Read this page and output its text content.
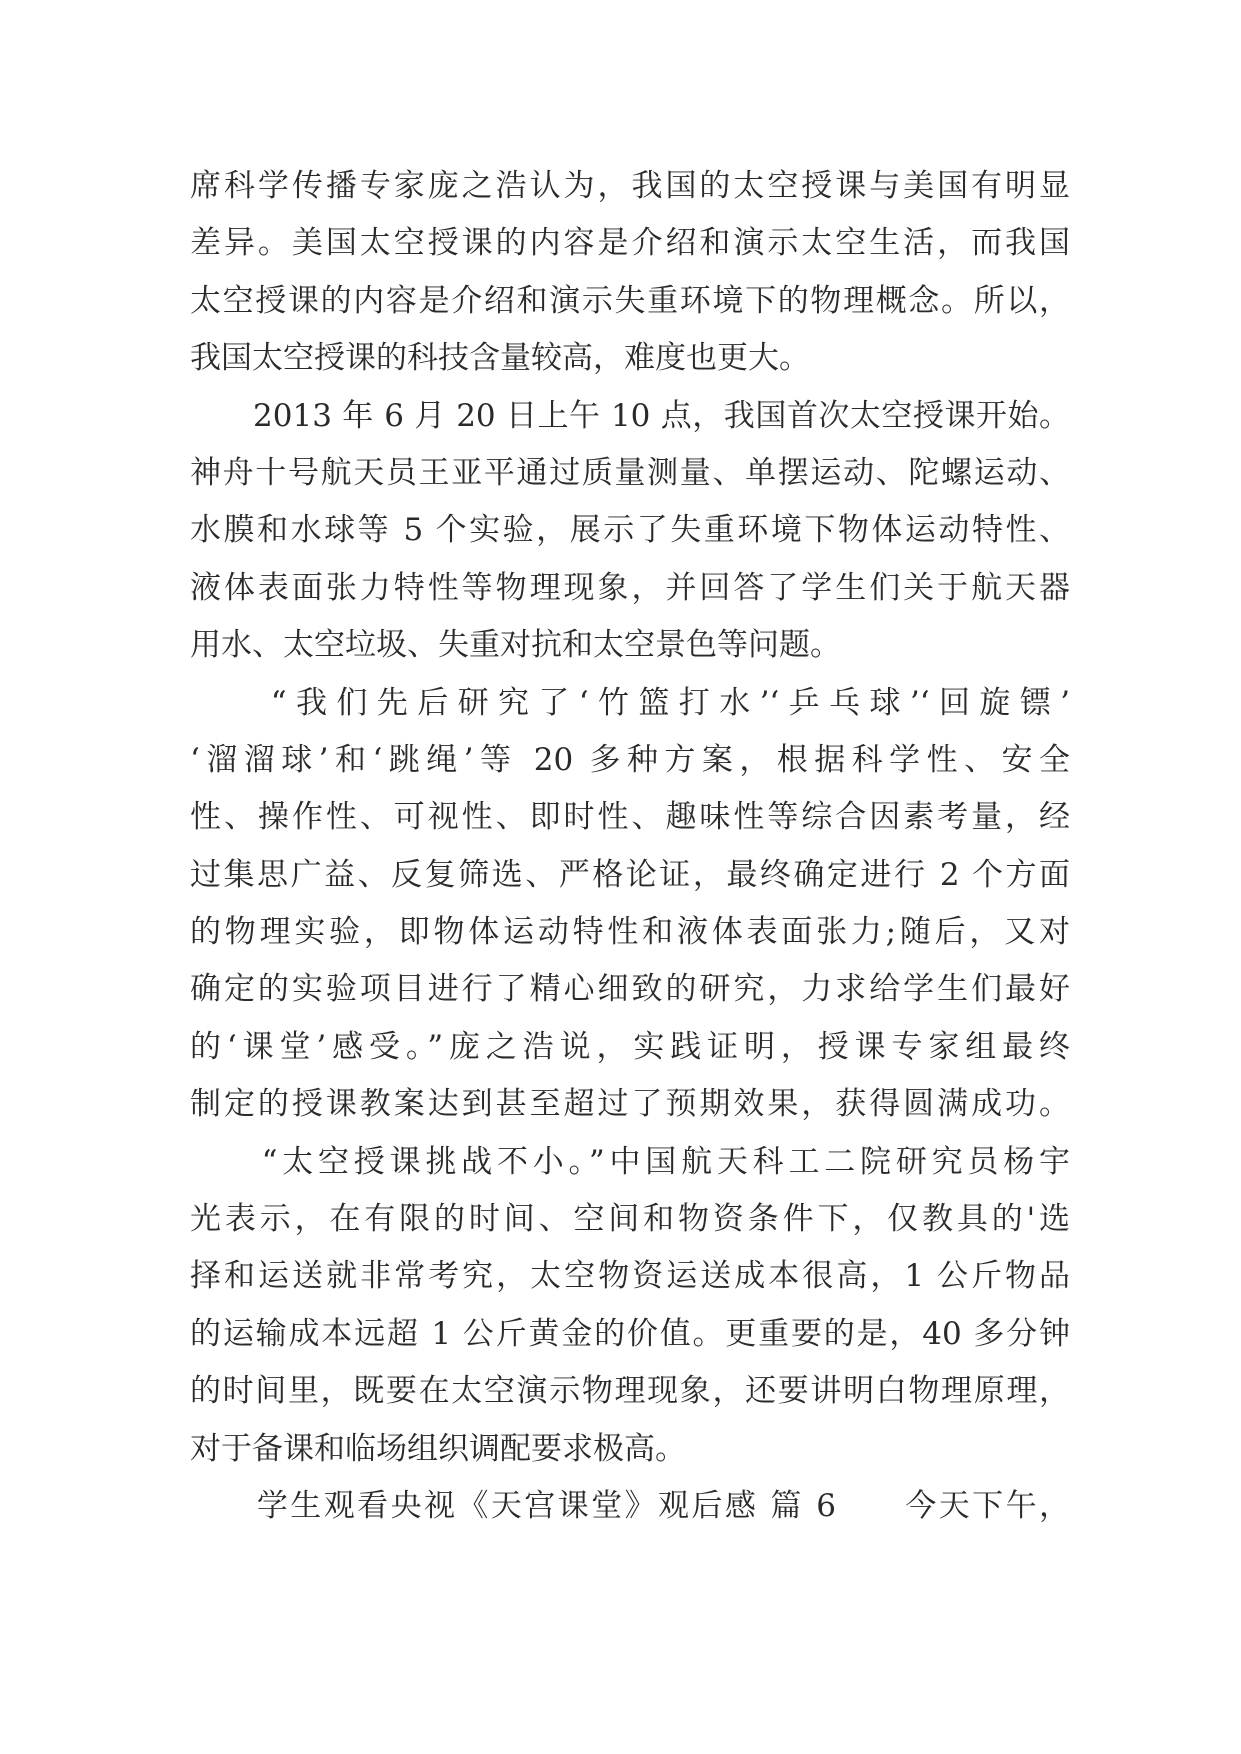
席科学传播专家庞之浩认为，我国的太空授课与美国有明显
差异。美国太空授课的内容是介绍和演示太空生活，而我国
太空授课的内容是介绍和演示失重环境下的物理概念。所以，
我国太空授课的科技含量较高，难度也更大。
　　2013 年 6 月 20 日上午 10 点，我国首次太空授课开始。
神舟十号航天员王亚平通过质量测量、单摆运动、陀螺运动、
水膜和水球等 5 个实验，展示了失重环境下物体运动特性、
液体表面张力特性等物理现象，并回答了学生们关于航天器
用水、太空垃圾、失重对抗和太空景色等问题。
　　“我们先后研究了‘竹篮打水’‘乒乓球’‘回旋镖’
‘溜溜球’和‘跳绳’等 20 多种方案，根据科学性、安全
性、操作性、可视性、即时性、趣味性等综合因素考量，经
过集思广益、反复筛选、严格论证，最终确定进行 2 个方面
的物理实验，即物体运动特性和液体表面张力;随后，又对
确定的实验项目进行了精心细致的研究，力求给学生们最好
的‘课堂’感受。”庞之浩说，实践证明，授课专家组最终
制定的授课教案达到甚至超过了预期效果，获得圆满成功。
　　“太空授课挑战不小。”中国航天科工二院研究员杨宇
光表示，在有限的时间、空间和物资条件下，仅教具的'选
择和运送就非常考究，太空物资运送成本很高，1 公斤物品
的运输成本远超 1 公斤黄金的价值。更重要的是，40 多分钟
的时间里，既要在太空演示物理现象，还要讲明白物理原理，
对于备课和临场组织调配要求极高。
　　学生观看央视《天宫课堂》观后感 篇 6　　今天下午，
